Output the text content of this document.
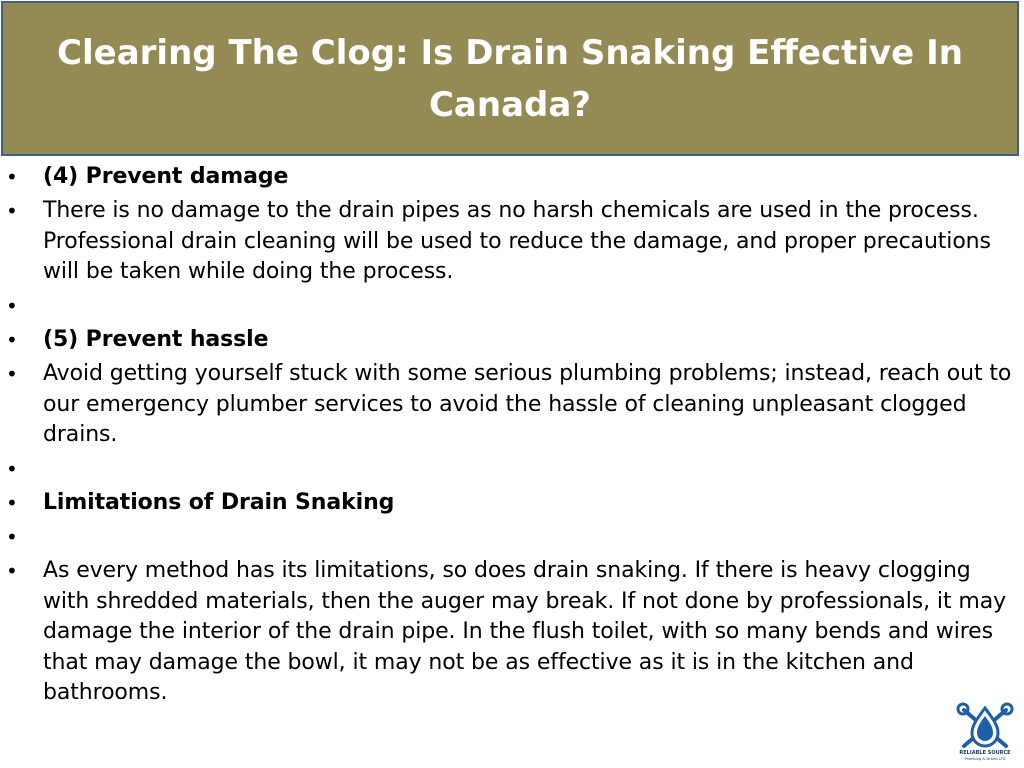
Clearing The Clog: Is Drain Snaking Effective In Canada?
• (4) Prevent damage
• There is no damage to the drain pipes as no harsh chemicals are used in the process. Professional drain cleaning will be used to reduce the damage, and proper precautions will be taken while doing the process.
•
• (5) Prevent hassle
• Avoid getting yourself stuck with some serious plumbing problems; instead, reach out to our emergency plumber services to avoid the hassle of cleaning unpleasant clogged drains.
•
• Limitations of Drain Snaking
•
• As every method has its limitations, so does drain snaking. If there is heavy clogging with shredded materials, then the auger may break. If not done by professionals, it may damage the interior of the drain pipe. In the flush toilet, with so many bends and wires that may damage the bowl, it may not be as effective as it is in the kitchen and bathrooms.
RELIABLE SOURCE
Plumbing & Drains LTD
